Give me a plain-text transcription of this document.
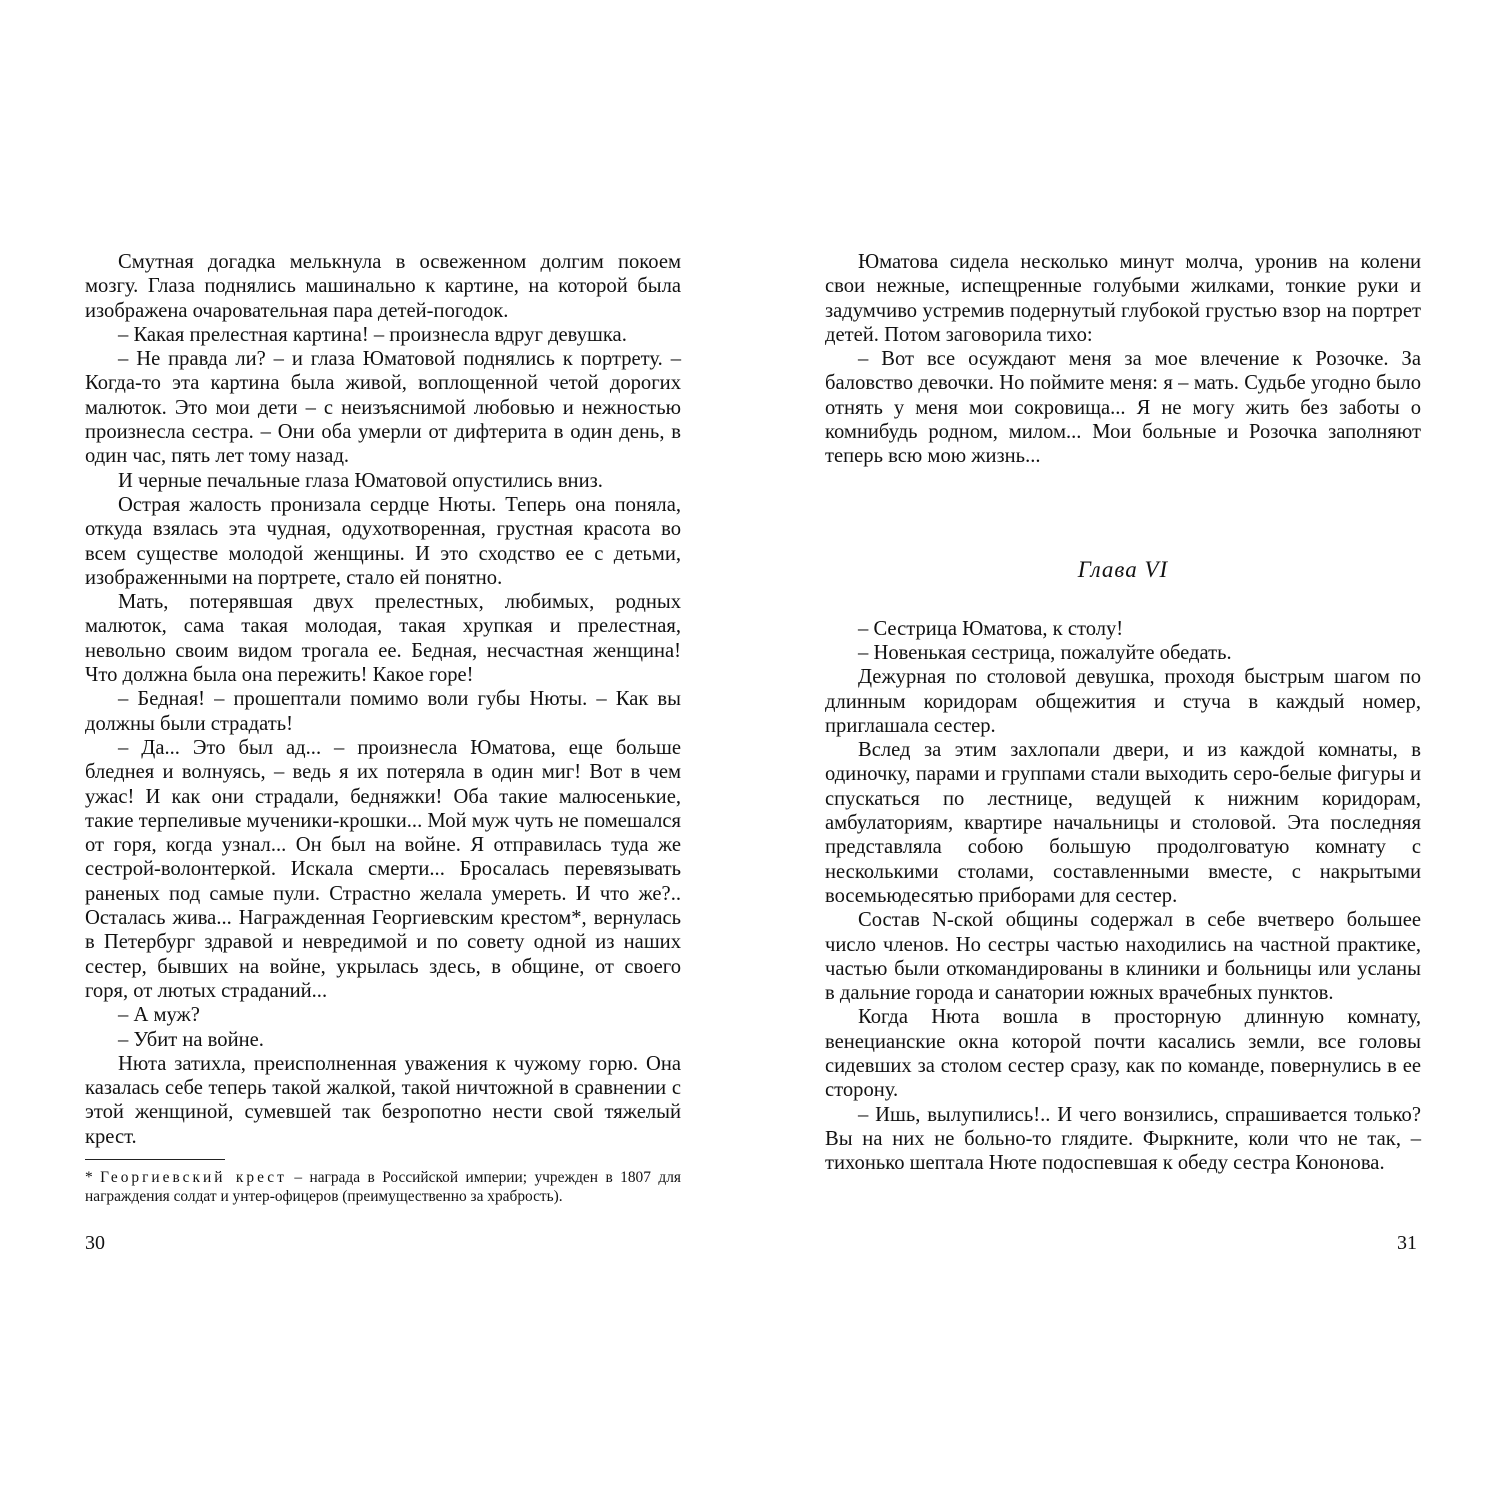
Смутная догадка мелькнула в освеженном долгим покоем мозгу. Глаза поднялись машинально к картине, на которой была изображена очаровательная пара детей-погодок.

– Какая прелестная картина! – произнесла вдруг девушка.

– Не правда ли? – и глаза Юматовой поднялись к портрету. – Когда-то эта картина была живой, воплощенной четой дорогих малюток. Это мои дети – с неизъяснимой любовью и нежностью произнесла сестра. – Они оба умерли от дифтерита в один день, в один час, пять лет тому назад.

И черные печальные глаза Юматовой опустились вниз.

Острая жалость пронизала сердце Нюты. Теперь она поняла, откуда взялась эта чудная, одухотворенная, грустная красота во всем существе молодой женщины. И это сходство ее с детьми, изображенными на портрете, стало ей понятно.

Мать, потерявшая двух прелестных, любимых, родных малюток, сама такая молодая, такая хрупкая и прелестная, невольно своим видом трогала ее. Бедная, несчастная женщина! Что должна была она пережить! Какое горе!

– Бедная! – прошептали помимо воли губы Нюты. – Как вы должны были страдать!

– Да... Это был ад... – произнесла Юматова, еще больше бледнея и волнуясь, – ведь я их потеряла в один миг! Вот в чем ужас! И как они страдали, бедняжки! Оба такие малюсенькие, такие терпеливые мученики-крошки... Мой муж чуть не помешался от горя, когда узнал... Он был на войне. Я отправилась туда же сестрой-волонтеркой. Искала смерти... Бросалась перевязывать раненых под самые пули. Страстно желала умереть. И что же?.. Осталась жива... Награжденная Георгиевским крестом*, вернулась в Петербург здравой и невредимой и по совету одной из наших сестер, бывших на войне, укрылась здесь, в общине, от своего горя, от лютых страданий...

– А муж?

– Убит на войне.

Нюта затихла, преисполненная уважения к чужому горю. Она казалась себе теперь такой жалкой, такой ничтожной в сравнении с этой женщиной, сумевшей так безропотно нести свой тяжелый крест.

* Георгиевский крест – награда в Российской империи; учрежден в 1807 для награждения солдат и унтер-офицеров (преимущественно за храбрость).

Юматова сидела несколько минут молча, уронив на колени свои нежные, испещренные голубыми жилками, тонкие руки и задумчиво устремив подернутый глубокой грустью взор на портрет детей. Потом заговорила тихо:

– Вот все осуждают меня за мое влечение к Розочке. За баловство девочки. Но поймите меня: я – мать. Судьбе угодно было отнять у меня мои сокровища... Я не могу жить без заботы о комнибудь родном, милом... Мои больные и Розочка заполняют теперь всю мою жизнь...

Глава VI

– Сестрица Юматова, к столу!

– Новенькая сестрица, пожалуйте обедать.

Дежурная по столовой девушка, проходя быстрым шагом по длинным коридорам общежития и стуча в каждый номер, приглашала сестер.

Вслед за этим захлопали двери, и из каждой комнаты, в одиночку, парами и группами стали выходить серо-белые фигуры и спускаться по лестнице, ведущей к нижним коридорам, амбулаториям, квартире начальницы и столовой. Эта последняя представляла собою большую продолговатую комнату с несколькими столами, составленными вместе, с накрытыми восемьюдесятью приборами для сестер.

Состав N-ской общины содержал в себе вчетверо большее число членов. Но сестры частью находились на частной практике, частью были откомандированы в клиники и больницы или усланы в дальние города и санатории южных врачебных пунктов.

Когда Нюта вошла в просторную длинную комнату, венецианские окна которой почти касались земли, все головы сидевших за столом сестер сразу, как по команде, повернулись в ее сторону.

– Ишь, вылупились!.. И чего вонзились, спрашивается только? Вы на них не больно-то глядите. Фыркните, коли что не так, – тихонько шептала Нюте подоспевшая к обеду сестра Кононова.

30	31
